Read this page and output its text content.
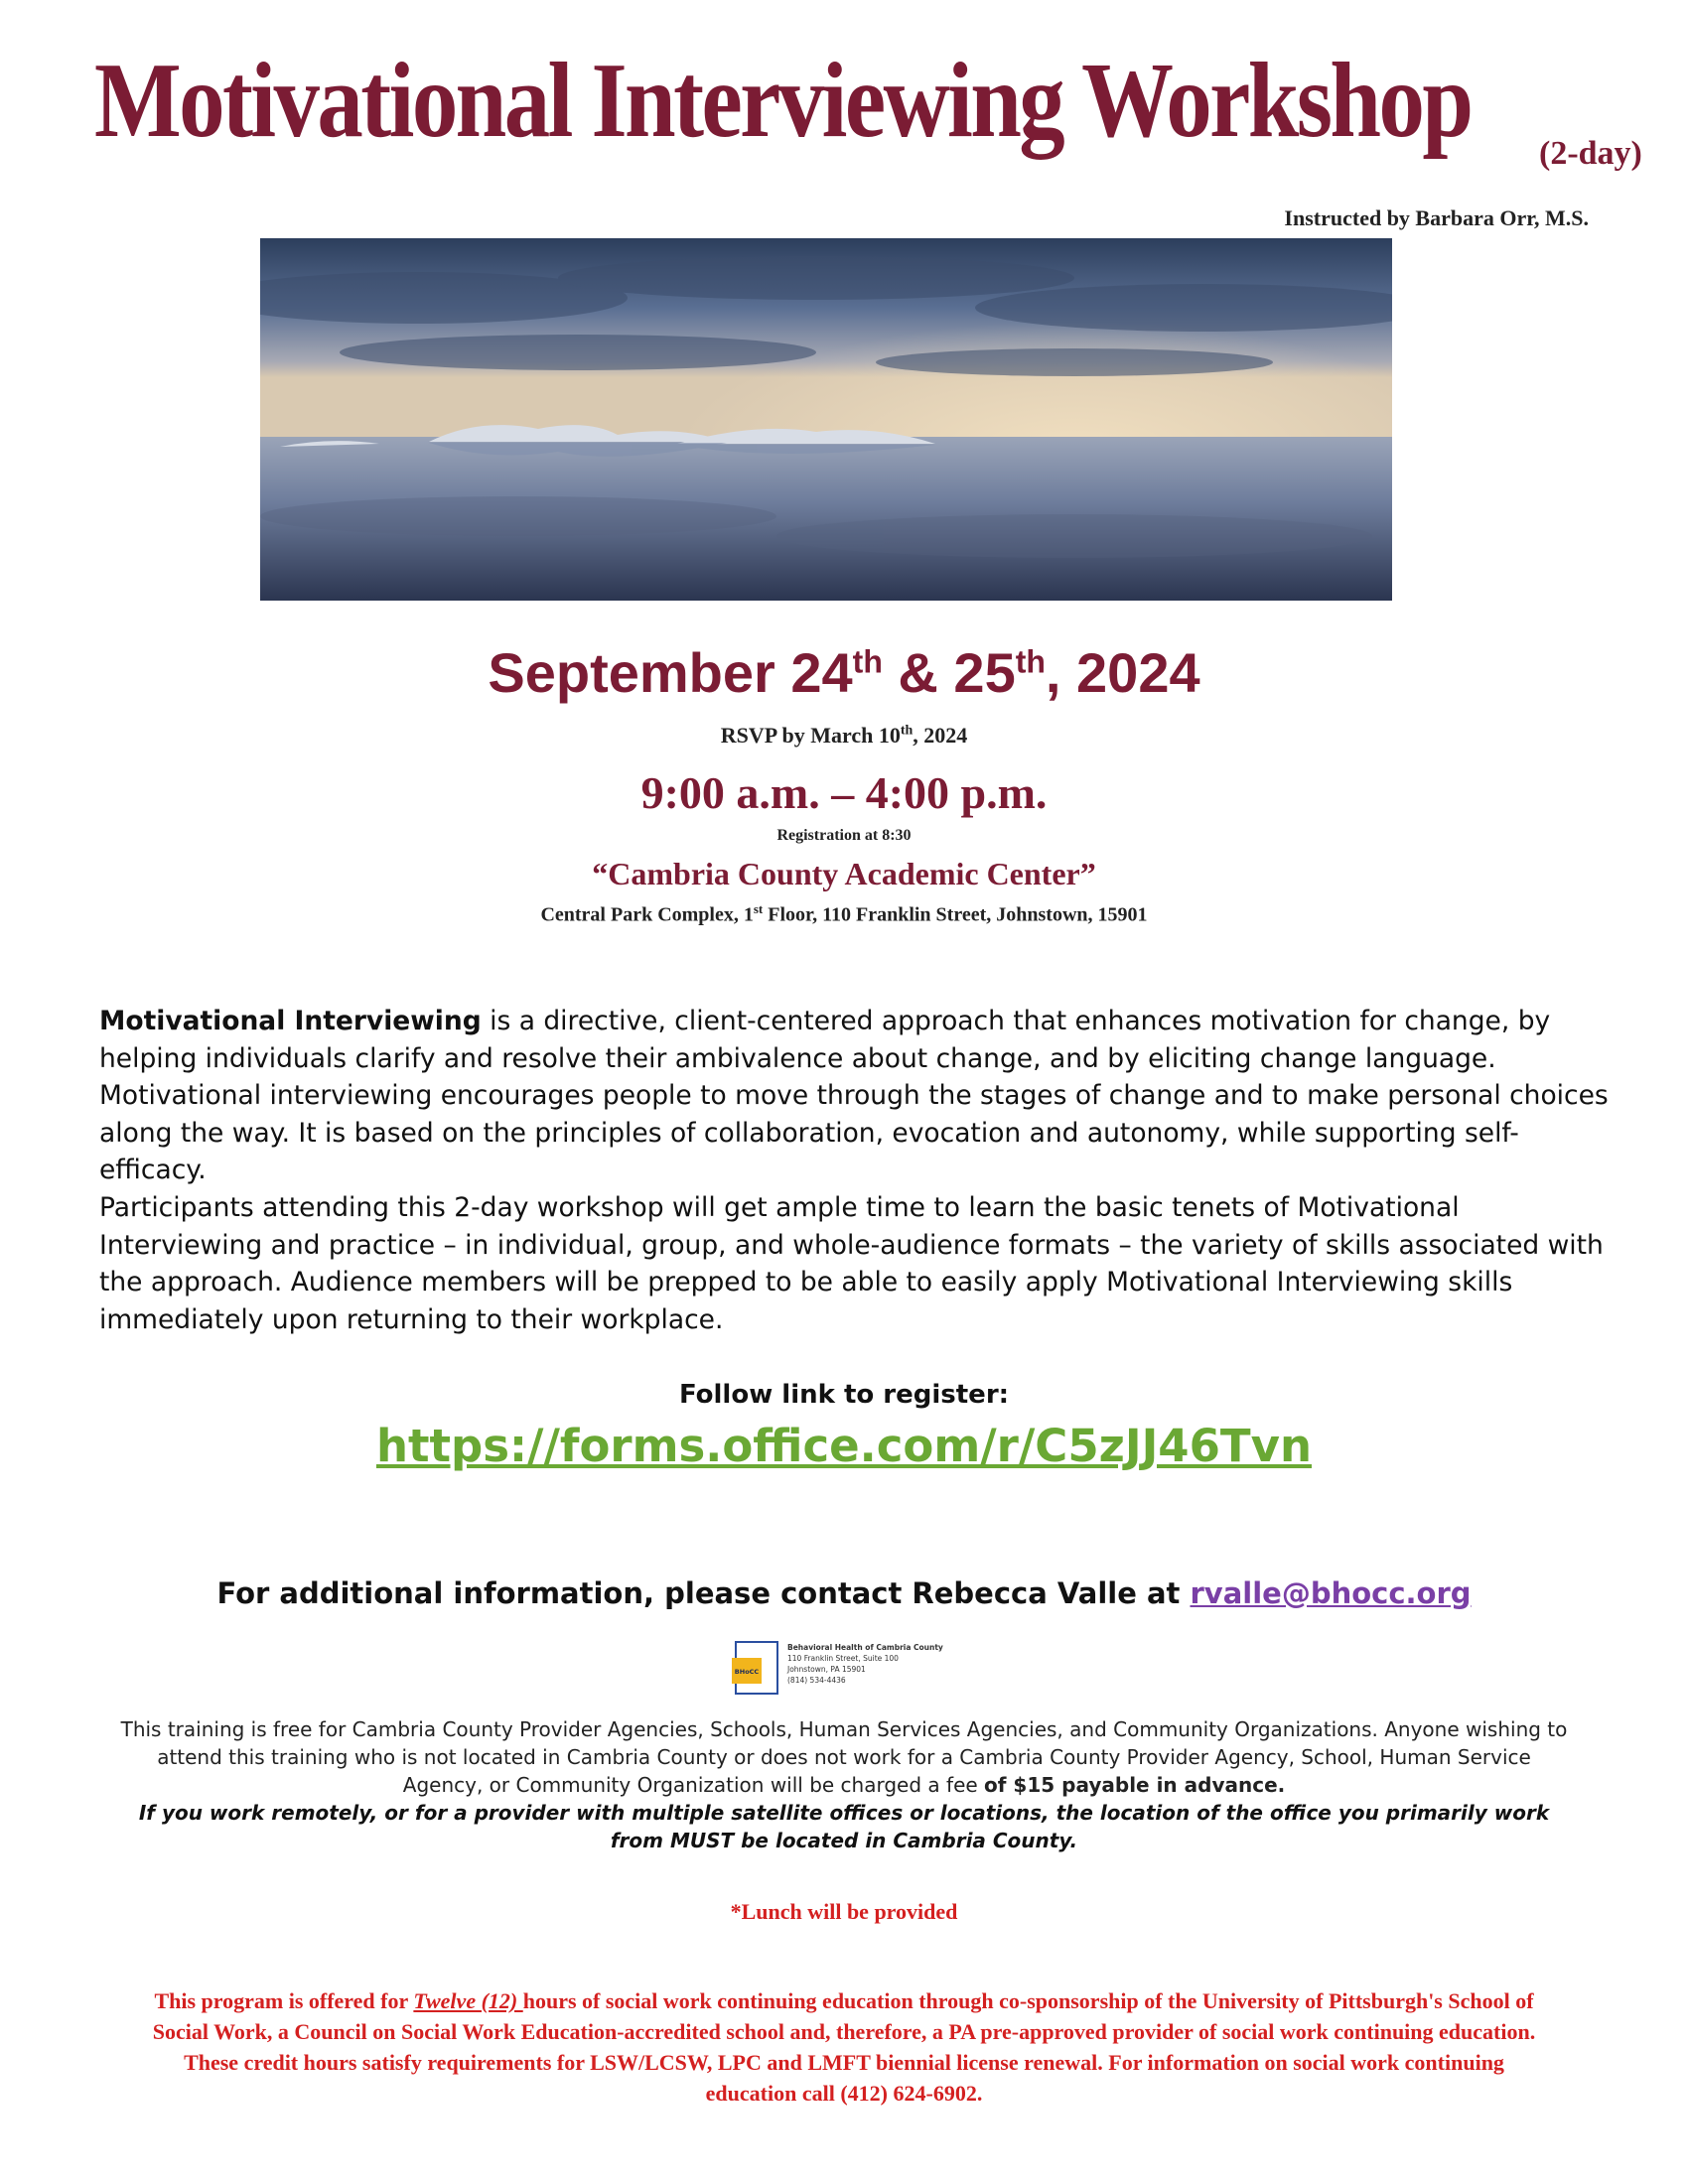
Motivational Interviewing Workshop (2-day)
Instructed by Barbara Orr, M.S.
September 24th & 25th, 2024
RSVP by March 10th, 2024
9:00 a.m. – 4:00 p.m.
Registration at 8:30
“Cambria County Academic Center”
Central Park Complex, 1st Floor, 110 Franklin Street, Johnstown, 15901

Motivational Interviewing is a directive, client-centered approach that enhances motivation for change, by helping individuals clarify and resolve their ambivalence about change, and by eliciting change language. Motivational interviewing encourages people to move through the stages of change and to make personal choices along the way. It is based on the principles of collaboration, evocation and autonomy, while supporting self-efficacy.

Participants attending this 2-day workshop will get ample time to learn the basic tenets of Motivational Interviewing and practice – in individual, group, and whole-audience formats – the variety of skills associated with the approach. Audience members will be prepped to be able to easily apply Motivational Interviewing skills immediately upon returning to their workplace.

Follow link to register:
https://forms.office.com/r/C5zJJ46Tvn
For additional information, please contact Rebecca Valle at rvalle@bhocc.org
BHoCC
Behavioral Health of Cambria County
110 Franklin Street, Suite 100
Johnstown, PA 15901
(814) 534-4436

This training is free for Cambria County Provider Agencies, Schools, Human Services Agencies, and Community Organizations. Anyone wishing to attend this training who is not located in Cambria County or does not work for a Cambria County Provider Agency, School, Human Service Agency, or Community Organization will be charged a fee of $15 payable in advance.

If you work remotely, or for a provider with multiple satellite offices or locations, the location of the office you primarily work from MUST be located in Cambria County.

*Lunch will be provided
This program is offered for Twelve (12) hours of social work continuing education through co-sponsorship of the University of Pittsburgh's School of Social Work, a Council on Social Work Education-accredited school and, therefore, a PA pre-approved provider of social work continuing education. These credit hours satisfy requirements for LSW/LCSW, LPC and LMFT biennial license renewal. For information on social work continuing education call (412) 624-6902.
